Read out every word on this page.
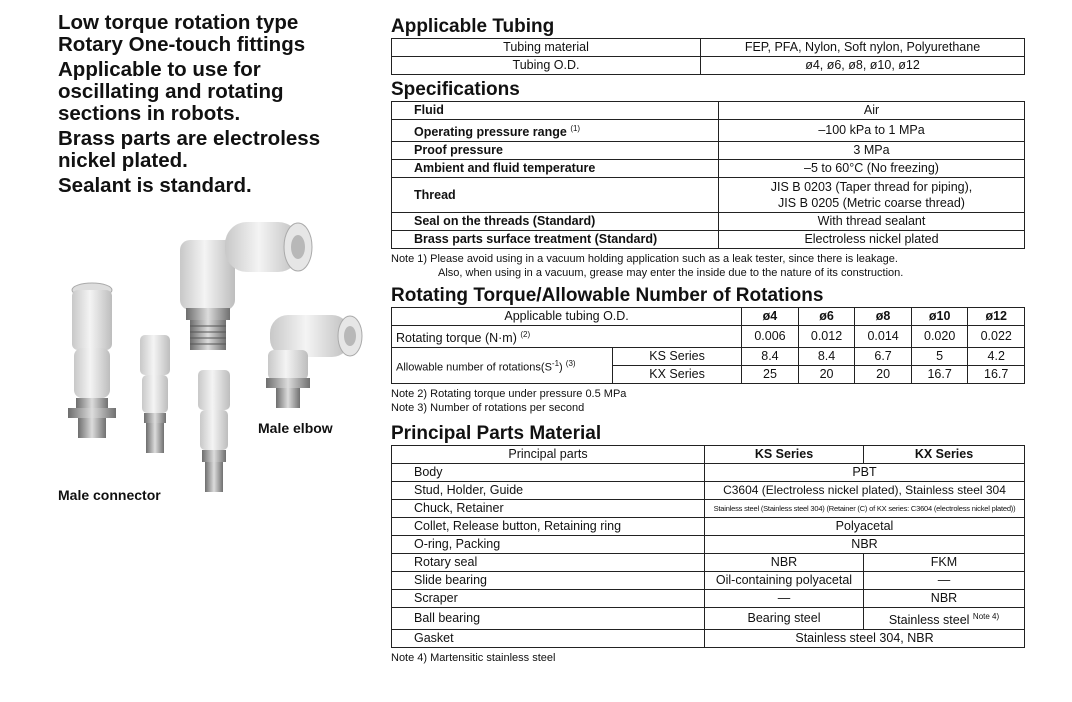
Low torque rotation type
Rotary One-touch fittings
Applicable to use for
oscillating and rotating
sections in robots.
Brass parts are electroless
nickel plated.
Sealant is standard.
Male elbow
Male connector
Applicable Tubing
Tubing material	FEP, PFA, Nylon, Soft nylon, Polyurethane
Tubing O.D.	ø4, ø6, ø8, ø10, ø12
Specifications
Fluid	Air
Operating pressure range $^{(1)}$	–100 kPa to 1 MPa
Proof pressure	3 MPa
Ambient and fluid temperature	–5 to 60°C (No freezing)
Thread	JIS B 0203 (Taper thread for piping),
JIS B 0205 (Metric coarse thread)
Seal on the threads (Standard)	With thread sealant
Brass parts surface treatment (Standard)	Electroless nickel plated
Note 1) Please avoid using in a vacuum holding application such as a leak tester, since there is leakage.
Also, when using in a vacuum, grease may enter the inside due to the nature of its construction.
Rotating Torque/Allowable Number of Rotations
Applicable tubing O.D.		ø4	ø6	ø8	ø10	ø12
Rotating torque (N·m) $^{(2)}$		0.006	0.012	0.014	0.020	0.022
Allowable number of $rotations(S^{-1})$ $^{(3)}$	KS Series	8.4	8.4	6.7	5	4.2
	KX Series	25	20	20	16.7	16.7
Note 2) Rotating torque under pressure 0.5 MPa
Note 3) Number of rotations per second
Principal Parts Material
Principal parts	KS Series	KX Series
Body	PBT	
Stud, Holder, Guide	C3604 (Electroless nickel plated), Stainless steel 304	
Chuck, Retainer	Stainless steel (Stainless steel 304) (Retainer (C) of KX series: C3604 (electroless nickel plated))	
Collet, Release button, Retaining ring	Polyacetal	
O-ring, Packing	NBR	
Rotary seal	NBR	FKM
Slide bearing	Oil-containing polyacetal	—
Scraper	—	NBR
Ball bearing	Bearing steel	Stainless steel $^{Note 4)}$
Gasket	Stainless steel 304, NBR	
Note 4) Martensitic stainless steel
